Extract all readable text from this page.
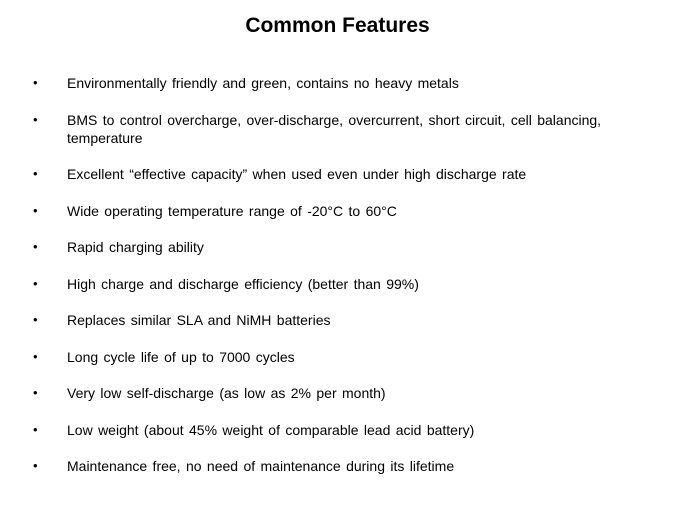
Common Features
•	Environmentally friendly and green, contains no heavy metals
•	BMS to control overcharge, over-discharge, overcurrent, short circuit, cell balancing, temperature
•	Excellent “effective capacity” when used even under high discharge rate
•	Wide operating temperature range of -20°C to 60°C
•	Rapid charging ability
•	High charge and discharge efficiency (better than 99%)
•	Replaces similar SLA and NiMH batteries
•	Long cycle life of up to 7000 cycles
•	Very low self-discharge (as low as 2% per month)
•	Low weight (about 45% weight of comparable lead acid battery)
•	Maintenance free, no need of maintenance during its lifetime
